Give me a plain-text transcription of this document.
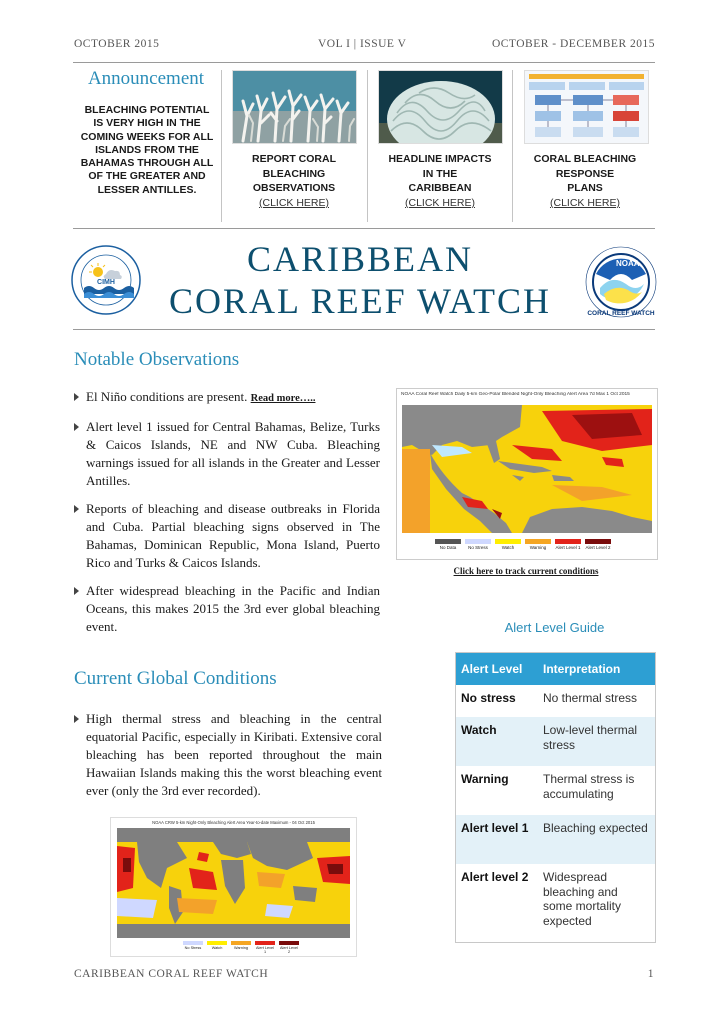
OCTOBER 2015	VOL I | ISSUE V	OCTOBER - DECEMBER 2015
Announcement
BLEACHING POTENTIAL
IS VERY HIGH IN THE
COMING WEEKS FOR ALL
ISLANDS FROM THE
BAHAMAS THROUGH ALL
OF THE GREATER AND
LESSER ANTILLES.
REPORT CORAL
BLEACHING
OBSERVATIONS
(CLICK HERE)
HEADLINE IMPACTS
IN THE
CARIBBEAN
(CLICK HERE)
CORAL BLEACHING
RESPONSE
PLANS
(CLICK HERE)
CIMH
CARIBBEAN
CORAL REEF WATCH
NOAA
CORAL REEF WATCH
Notable Observations
El Niño conditions are present. Read more…..
Alert level 1 issued for Central Bahamas, Belize, Turks & Caicos Islands, NE and NW Cuba. Bleaching warnings issued for all islands in the Greater and Lesser Antilles.
Reports of bleaching and disease outbreaks in Florida and Cuba. Partial bleaching signs observed in The Bahamas, Dominican Republic, Mona Island, Puerto Rico and Turks & Caicos Islands.
After widespread bleaching in the Pacific and Indian Oceans, this makes 2015 the 3rd ever global bleaching event.
NOAA Coral Reef Watch Daily 5-km Geo-Polar Blended Night-Only Bleaching Alert Area 7d Max 1 Oct 2015
No Data	No Stress	Watch	Warning	Alert Level 1 Alert Level 2
Click here to track current conditions
Current Global Conditions
High thermal stress and bleaching in the central equatorial Pacific, especially in Kiribati. Extensive coral bleaching has been reported throughout the main Hawaiian Islands making this the worst bleaching event ever (only the 3rd ever recorded).
NOAA CRW 5-km Night-Only Bleaching Alert Area Year-to-date Maximum - 04 Oct 2015
No Stress	Watch	Warning	Alert Level 1
Alert Level 2
Alert Level Guide
Alert Level	Interpretation
No stress	No thermal stress
Watch	Low-level thermal stress
Warning	Thermal stress is accumulating
Alert level 1	Bleaching expected
Alert level 2	Widespread bleaching and some mortality expected
CARIBBEAN CORAL REEF WATCH	1
